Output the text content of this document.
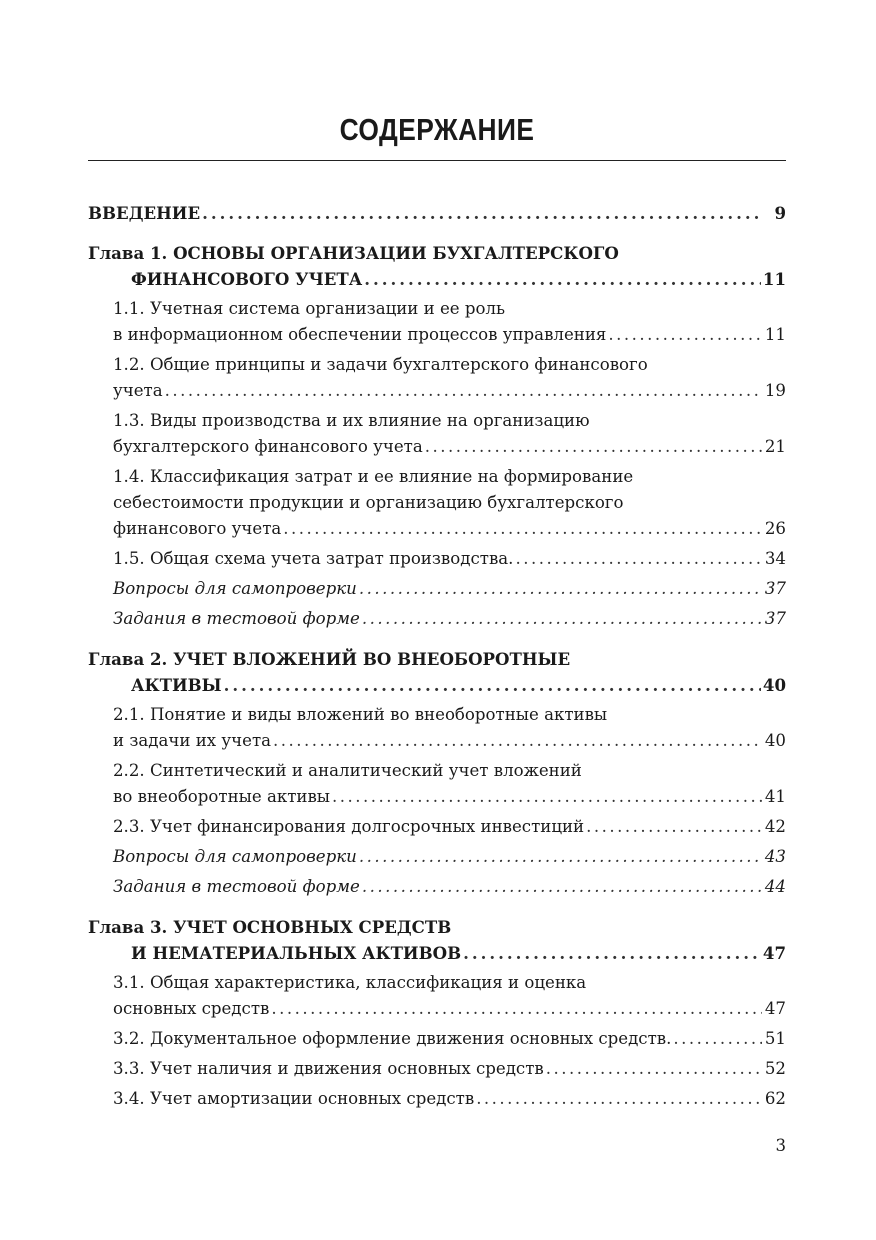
СОДЕРЖАНИЕ
ВВЕДЕНИЕ . . .	9
Глава 1. ОСНОВЫ ОРГАНИЗАЦИИ БУХГАЛТЕРСКОГО
ФИНАНСОВОГО УЧЕТА . . .	11
1.1. Учетная система организации и ее роль
в информационном обеспечении процессов управления . . .	11
1.2. Общие принципы и задачи бухгалтерского финансового
учета . . .	19
1.3. Виды производства и их влияние на организацию
бухгалтерского финансового учета . . .	21
1.4. Классификация затрат и ее влияние на формирование
себестоимости продукции и организацию бухгалтерского
финансового учета . . .	26
1.5. Общая схема учета затрат производства. . . .	34
Вопросы для самопроверки . . .	37
Задания в тестовой форме . . .	37
Глава 2. УЧЕТ ВЛОЖЕНИЙ ВО ВНЕОБОРОТНЫЕ
АКТИВЫ . . .	40
2.1. Понятие и виды вложений во внеоборотные активы
и задачи их учета . . .	40
2.2. Синтетический и аналитический учет вложений
во внеоборотные активы . . .	41
2.3. Учет финансирования долгосрочных инвестиций . . .	42
Вопросы для самопроверки . . .	43
Задания в тестовой форме . . .	44
Глава 3. УЧЕТ ОСНОВНЫХ СРЕДСТВ
И НЕМАТЕРИАЛЬНЫХ АКТИВОВ . . .	47
3.1. Общая характеристика, классификация и оценка
основных средств . . .	47
3.2. Документальное оформление движения основных средств. . . .	51
3.3. Учет наличия и движения основных средств . . .	52
3.4. Учет амортизации основных средств . . .	62
3
